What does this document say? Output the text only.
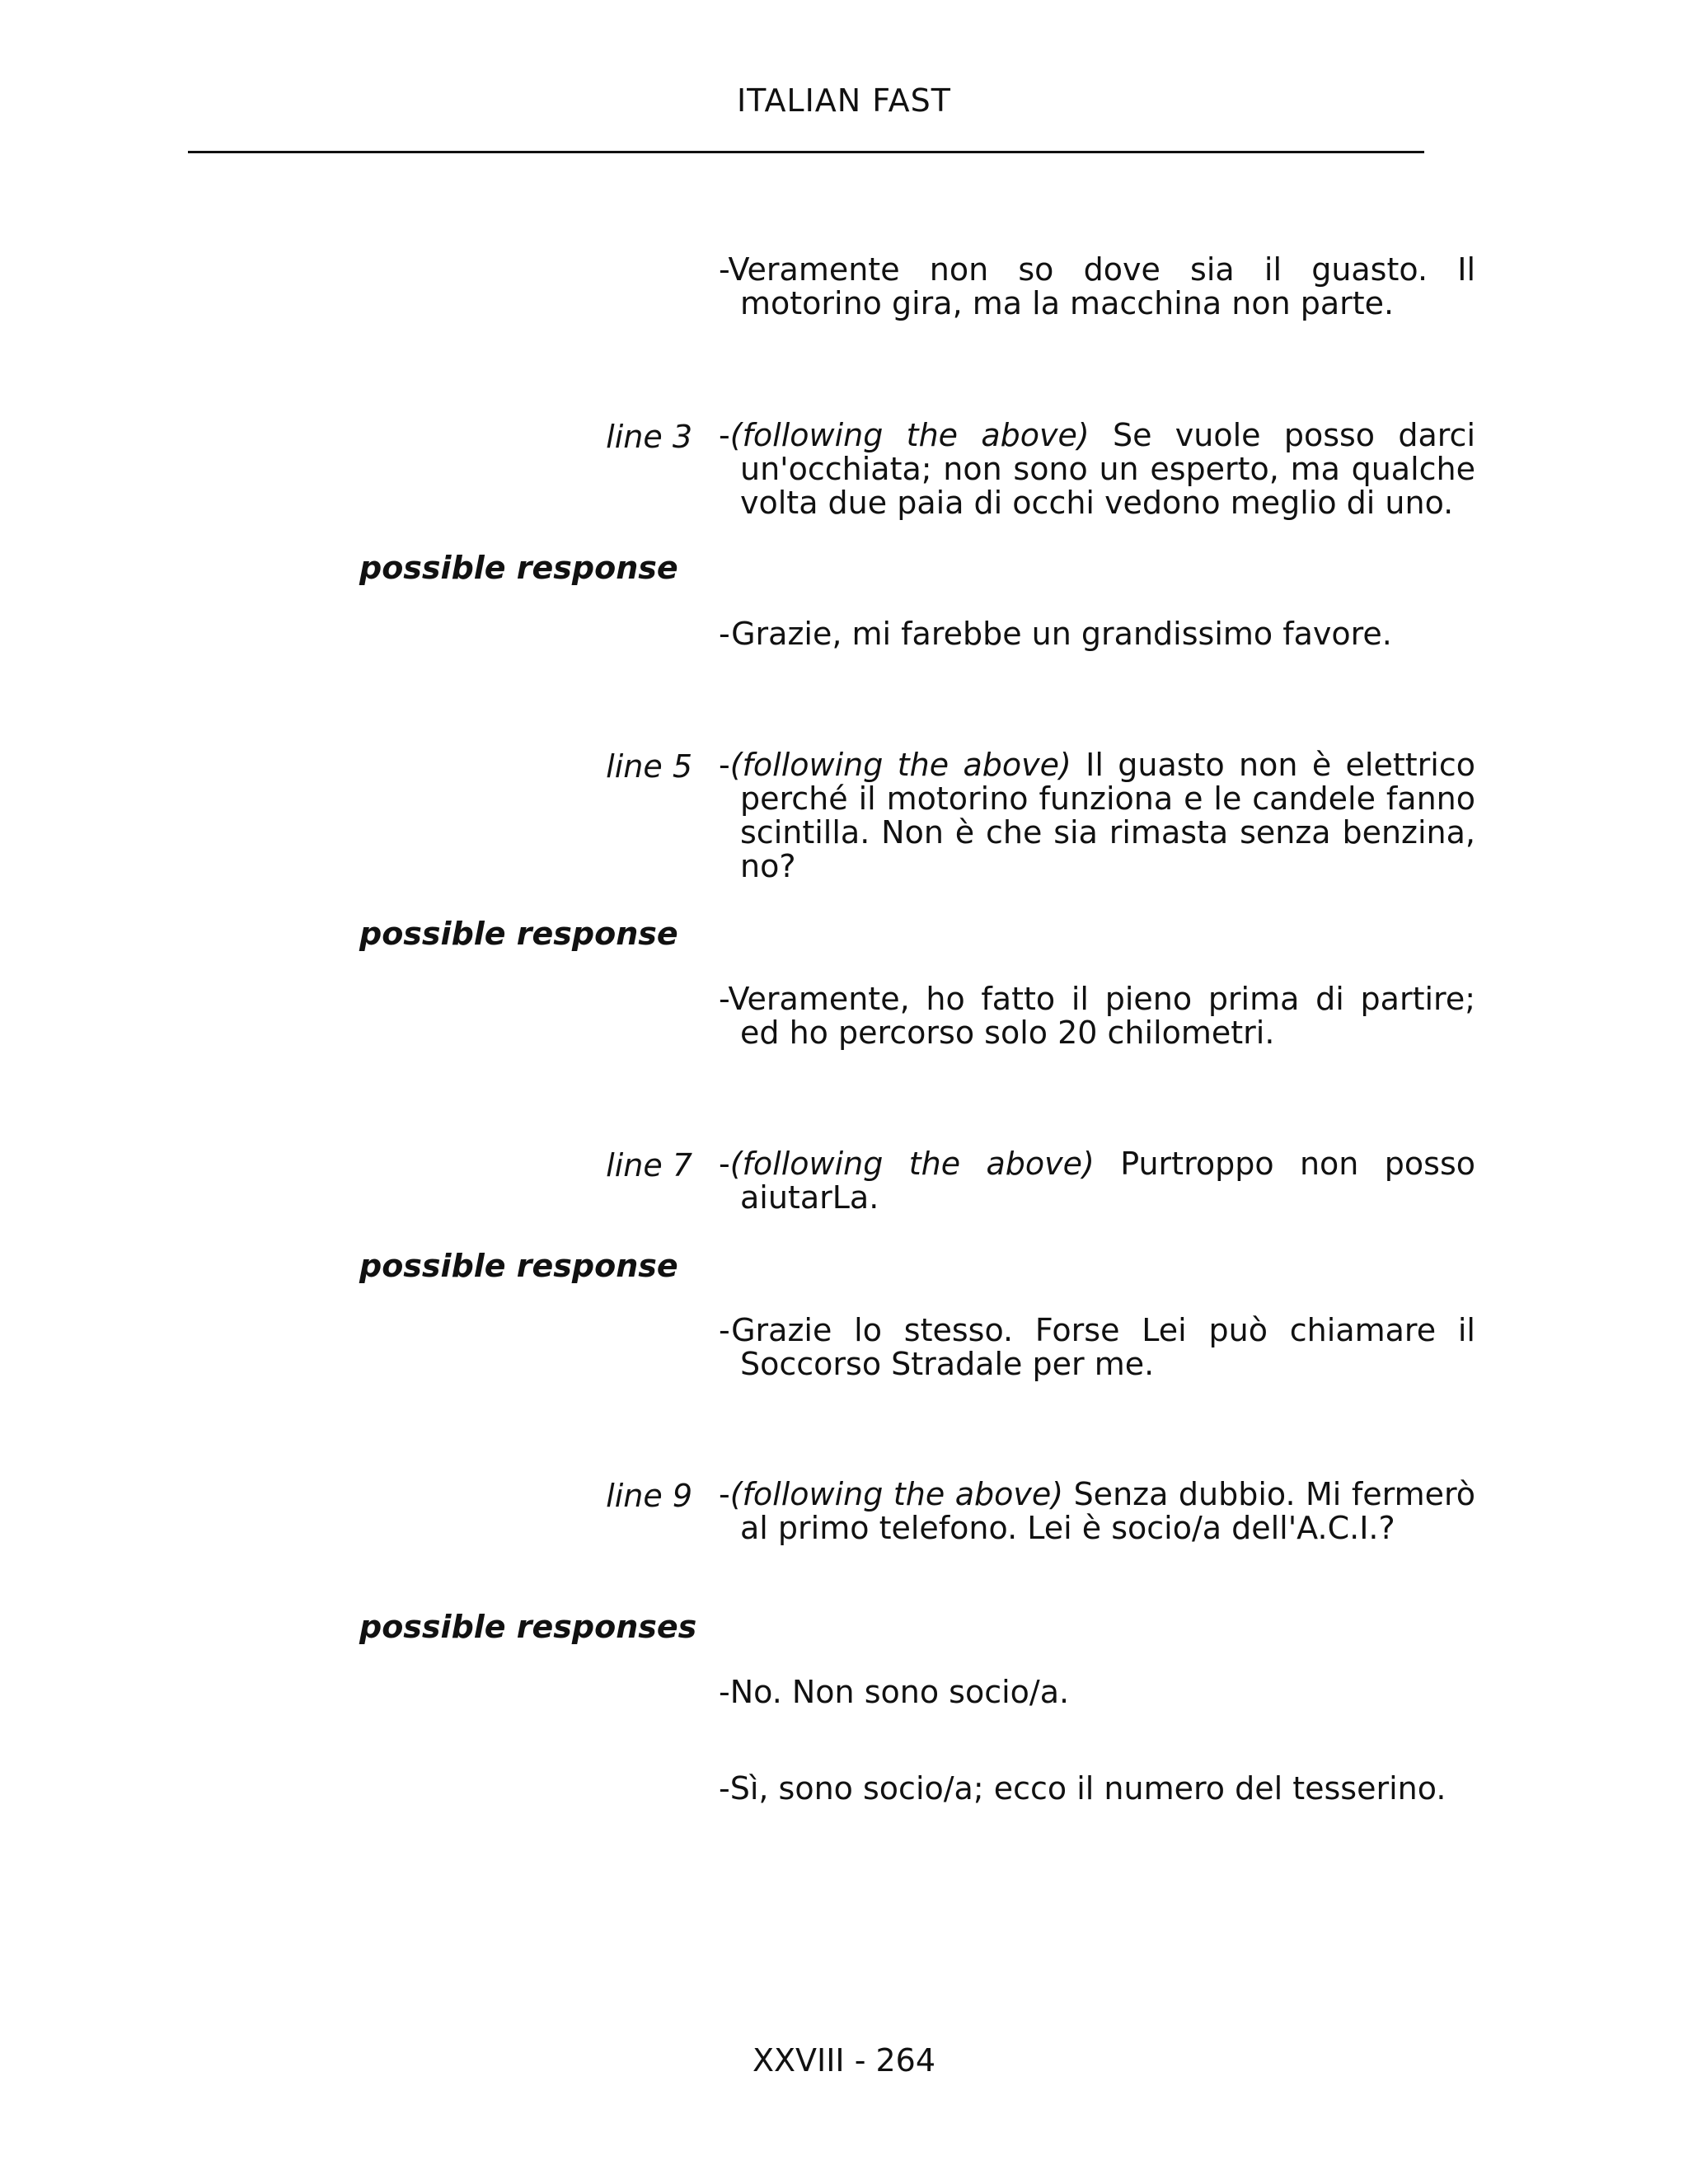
ITALIAN FAST
-Veramente non so dove sia il guasto. Il motorino gira, ma la macchina non parte.
line 3 -(following the above) Se vuole posso darci un'occhiata; non sono un esperto, ma qualche volta due paia di occhi vedono meglio di uno.
possible response
-Grazie, mi farebbe un grandissimo favore.
line 5 -(following the above) Il guasto non è elettrico perché il motorino funziona e le candele fanno scintilla. Non è che sia rimasta senza benzina, no?
possible response
-Veramente, ho fatto il pieno prima di partire; ed ho percorso solo 20 chilometri.
line 7 -(following the above) Purtroppo non posso aiutarLa.
possible response
-Grazie lo stesso. Forse Lei può chiamare il Soccorso Stradale per me.
line 9 -(following the above) Senza dubbio. Mi fermerò al primo telefono. Lei è socio/a dell'A.C.I.?
possible responses
-No. Non sono socio/a.
-Sì, sono socio/a; ecco il numero del tesserino.
XXVIII - 264
